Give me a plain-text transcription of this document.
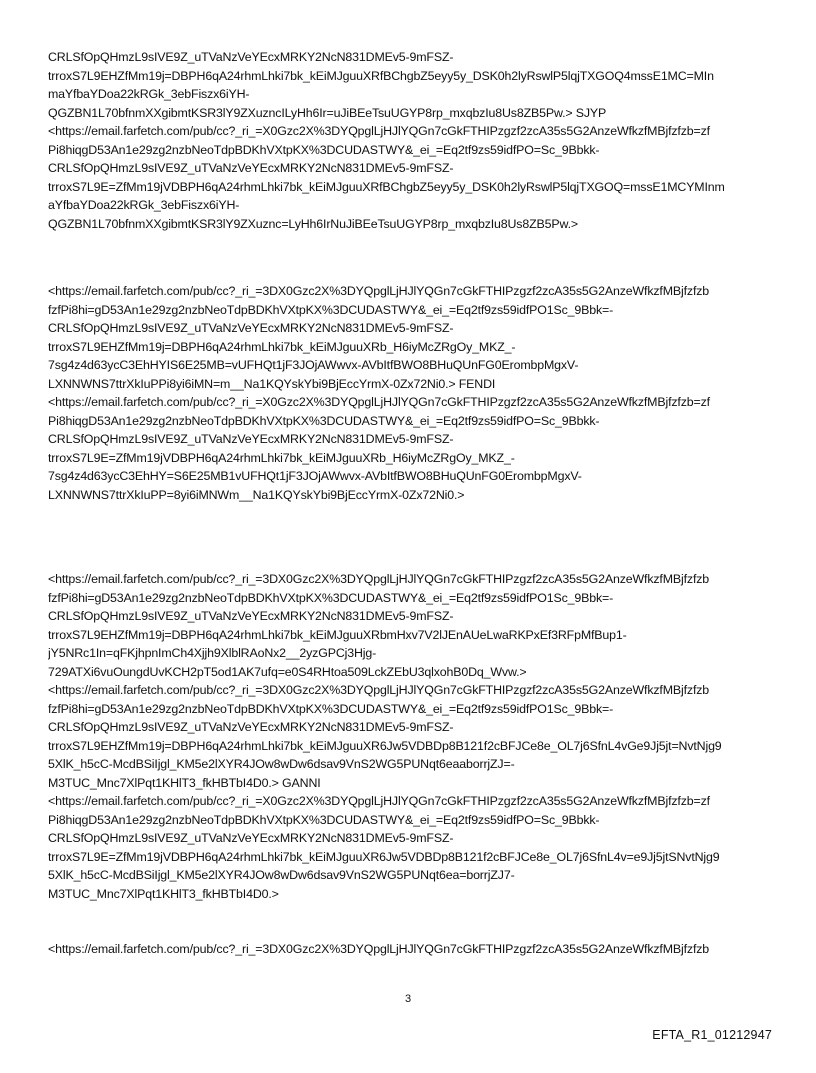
CRLSfOpQHmzL9sIVE9Z_uTVaNzVeYEcxMRKY2NcN831DMEv5-9mFSZ-
trroxS7L9EHZfMm19j=DBPH6qA24rhmLhki7bk_kEiMJguuXRfBChgbZ5eyy5y_DSK0h2lyRswlP5lqjTXGOQ4mssE1MC=MIn
maYfbaYDoa22kRGk_3ebFiszx6iYH-
QGZBN1L70bfnmXXgibmtKSR3lY9ZXuzncILyHh6Ir=uJiBEeTsuUGYP8rp_mxqbzIu8Us8ZB5Pw.> SJYP
<https://email.farfetch.com/pub/cc?_ri_=X0Gzc2X%3DYQpglLjHJlYQGn7cGkFTHIPzgzf2zcA35s5G2AnzeWfkzfMBjfzfzb=zf
Pi8hiqgD53An1e29zg2nzbNeoTdpBDKhVXtpKX%3DCUDASTWY&_ei_=Eq2tf9zs59idfPO=Sc_9Bbkk-
CRLSfOpQHmzL9sIVE9Z_uTVaNzVeYEcxMRKY2NcN831DMEv5-9mFSZ-
trroxS7L9E=ZfMm19jVDBPH6qA24rhmLhki7bk_kEiMJguuXRfBChgbZ5eyy5y_DSK0h2lyRswlP5lqjTXGOQ=mssE1MCYMInm
aYfbaYDoa22kRGk_3ebFiszx6iYH-
QGZBN1L70bfnmXXgibmtKSR3lY9ZXuznc=LyHh6IrNuJiBEeTsuUGYP8rp_mxqbzIu8Us8ZB5Pw.>
<https://email.farfetch.com/pub/cc?_ri_=3DX0Gzc2X%3DYQpglLjHJlYQGn7cGkFTHIPzgzf2zcA35s5G2AnzeWfkzfMBjfzfzb
fzfPi8hi=gD53An1e29zg2nzbNeoTdpBDKhVXtpKX%3DCUDASTWY&_ei_=Eq2tf9zs59idfPO1Sc_9Bbk=-
CRLSfOpQHmzL9sIVE9Z_uTVaNzVeYEcxMRKY2NcN831DMEv5-9mFSZ-
trroxS7L9EHZfMm19j=DBPH6qA24rhmLhki7bk_kEiMJguuXRb_H6iyMcZRgOy_MKZ_-
7sg4z4d63ycC3EhHYIS6E25MB=vUFHQt1jF3JOjAWwvx-AVbItfBWO8BHuQUnFG0ErombpMgxV-
LXNNWNS7ttrXkIuPPi8yi6iMN=m__Na1KQYskYbi9BjEccYrmX-0Zx72Ni0.> FENDI
<https://email.farfetch.com/pub/cc?_ri_=X0Gzc2X%3DYQpglLjHJlYQGn7cGkFTHIPzgzf2zcA35s5G2AnzeWfkzfMBjfzfzb=zf
Pi8hiqgD53An1e29zg2nzbNeoTdpBDKhVXtpKX%3DCUDASTWY&_ei_=Eq2tf9zs59idfPO=Sc_9Bbkk-
CRLSfOpQHmzL9sIVE9Z_uTVaNzVeYEcxMRKY2NcN831DMEv5-9mFSZ-
trroxS7L9E=ZfMm19jVDBPH6qA24rhmLhki7bk_kEiMJguuXRb_H6iyMcZRgOy_MKZ_-
7sg4z4d63ycC3EhHY=S6E25MB1vUFHQt1jF3JOjAWwvx-AVbItfBWO8BHuQUnFG0ErombpMgxV-
LXNNWNS7ttrXkIuPP=8yi6iMNWm__Na1KQYskYbi9BjEccYrmX-0Zx72Ni0.>
<https://email.farfetch.com/pub/cc?_ri_=3DX0Gzc2X%3DYQpglLjHJlYQGn7cGkFTHIPzgzf2zcA35s5G2AnzeWfkzfMBjfzfzb
fzfPi8hi=gD53An1e29zg2nzbNeoTdpBDKhVXtpKX%3DCUDASTWY&_ei_=Eq2tf9zs59idfPO1Sc_9Bbk=-
CRLSfOpQHmzL9sIVE9Z_uTVaNzVeYEcxMRKY2NcN831DMEv5-9mFSZ-
trroxS7L9EHZfMm19j=DBPH6qA24rhmLhki7bk_kEiMJguuXRbmHxv7V2lJEnAUeLwaRKPxEf3RFpMfBup1-
jY5NRc1In=qFKjhpnImCh4Xjjh9XlblRAoNx2__2yzGPCj3Hjg-
729ATXi6vuOungdUvKCH2pT5od1AK7ufq=e0S4RHtoa509LckZEbU3qlxohB0Dq_Wvw.>
<https://email.farfetch.com/pub/cc?_ri_=3DX0Gzc2X%3DYQpglLjHJlYQGn7cGkFTHIPzgzf2zcA35s5G2AnzeWfkzfMBjfzfzb
fzfPi8hi=gD53An1e29zg2nzbNeoTdpBDKhVXtpKX%3DCUDASTWY&_ei_=Eq2tf9zs59idfPO1Sc_9Bbk=-
CRLSfOpQHmzL9sIVE9Z_uTVaNzVeYEcxMRKY2NcN831DMEv5-9mFSZ-
trroxS7L9EHZfMm19j=DBPH6qA24rhmLhki7bk_kEiMJguuXR6Jw5VDBDp8B121f2cBFJCe8e_OL7j6SfnL4vGe9Jj5jt=NvtNjg9
5XlK_h5cC-McdBSiIjgl_KM5e2lXYR4JOw8wDw6dsav9VnS2WG5PUNqt6eaaborrjZJ=-
M3TUC_Mnc7XlPqt1KHlT3_fkHBTbI4D0.> GANNI
<https://email.farfetch.com/pub/cc?_ri_=X0Gzc2X%3DYQpglLjHJlYQGn7cGkFTHIPzgzf2zcA35s5G2AnzeWfkzfMBjfzfzb=zf
Pi8hiqgD53An1e29zg2nzbNeoTdpBDKhVXtpKX%3DCUDASTWY&_ei_=Eq2tf9zs59idfPO=Sc_9Bbkk-
CRLSfOpQHmzL9sIVE9Z_uTVaNzVeYEcxMRKY2NcN831DMEv5-9mFSZ-
trroxS7L9E=ZfMm19jVDBPH6qA24rhmLhki7bk_kEiMJguuXR6Jw5VDBDp8B121f2cBFJCe8e_OL7j6SfnL4v=e9Jj5jtSNvtNjg9
5XlK_h5cC-McdBSiIjgl_KM5e2lXYR4JOw8wDw6dsav9VnS2WG5PUNqt6ea=borrjZJ7-
M3TUC_Mnc7XlPqt1KHlT3_fkHBTbI4D0.>
<https://email.farfetch.com/pub/cc?_ri_=3DX0Gzc2X%3DYQpglLjHJlYQGn7cGkFTHIPzgzf2zcA35s5G2AnzeWfkzfMBjfzfzb
3
EFTA_R1_01212947
